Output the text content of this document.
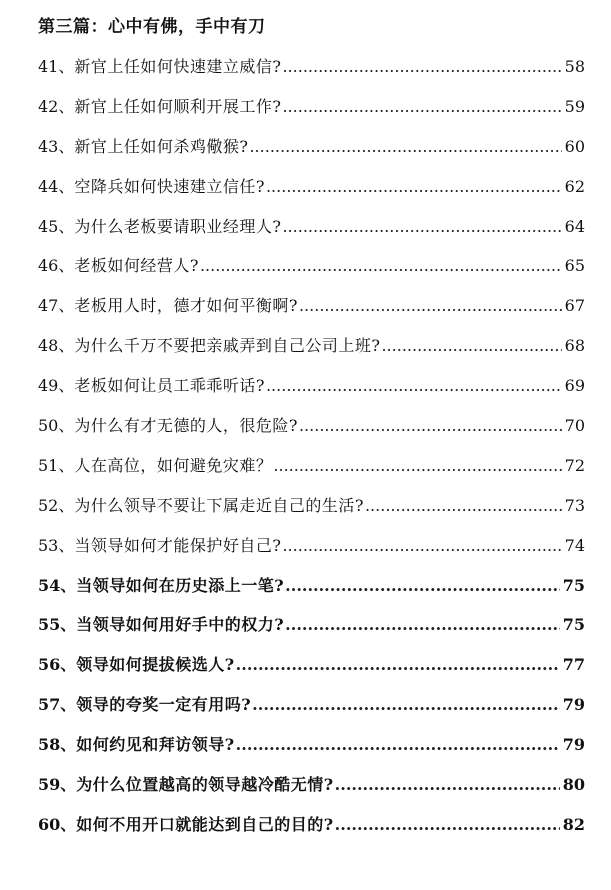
第三篇：心中有佛，手中有刀
41、 新官上任如何快速建立威信? .....	58
42、 新官上任如何顺利开展工作? .....	59
43、 新官上任如何杀鸡儆猴? .....	60
44、 空降兵如何快速建立信任? .....	62
45、 为什么老板要请职业经理人? .....	64
46、 老板如何经营人? .....	65
47、 老板用人时，德才如何平衡啊? .....	67
48、 为什么千万不要把亲戚弄到自己公司上班? .....	68
49、 老板如何让员工乖乖听话? .....	69
50、 为什么有才无德的人，很危险? .....	70
51、 人在高位，如何避免灾难？ .....	72
52、 为什么领导不要让下属走近自己的生活? .....	73
53、 当领导如何才能保护好自己? .....	74
54、 当领导如何在历史添上一笔? .....	75
55、 当领导如何用好手中的权力? .....	75
56、 领导如何提拔候选人? .....	77
57、 领导的夸奖一定有用吗? .....	79
58、 如何约见和拜访领导? .....	79
59、 为什么位置越高的领导越冷酷无情? .....	80
60、 如何不用开口就能达到自己的目的? .....	82
